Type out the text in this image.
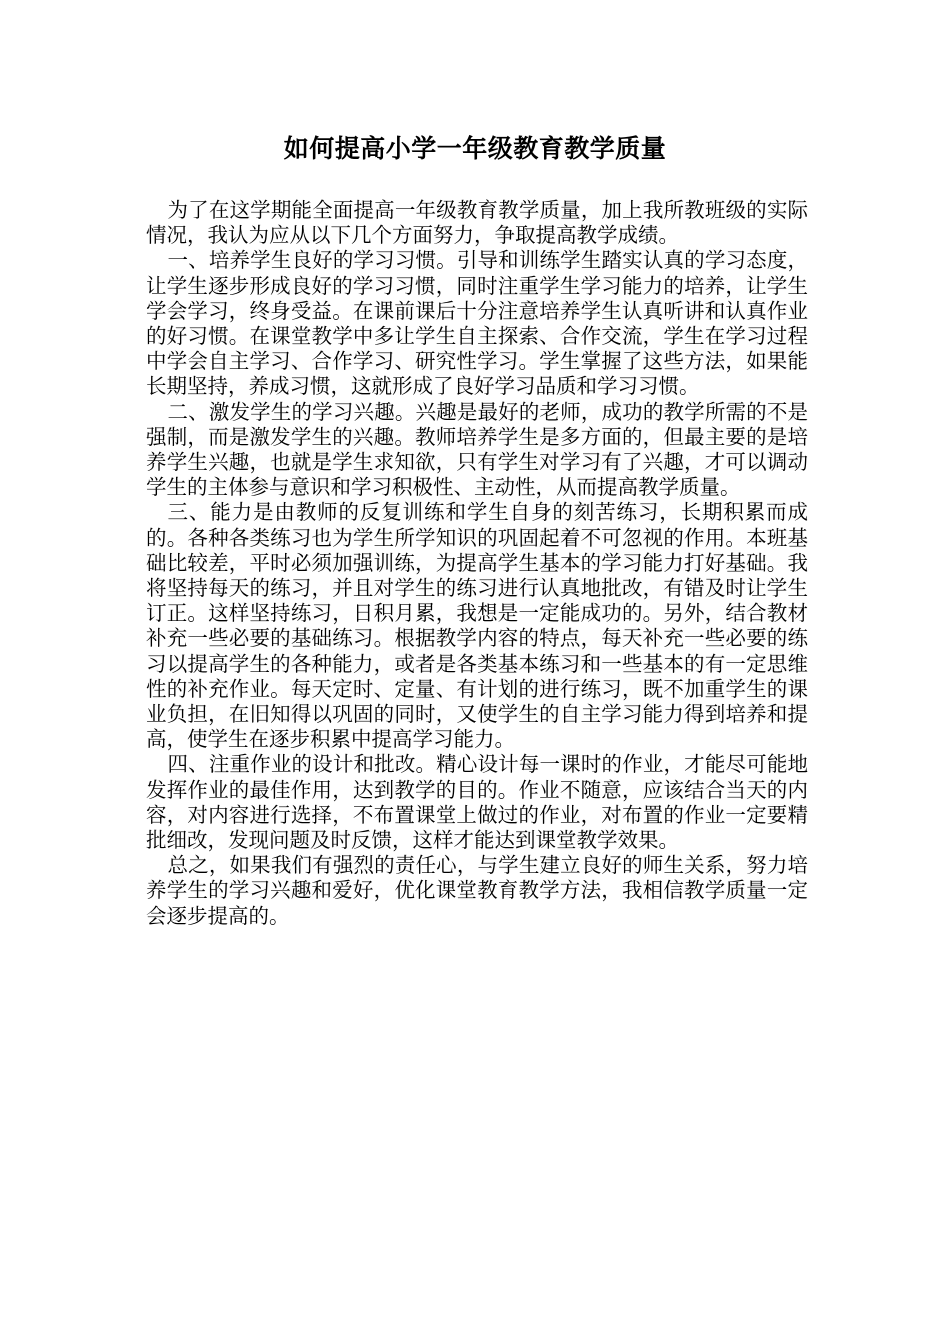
如何提高小学一年级教育教学质量

为了在这学期能全面提高一年级教育教学质量，加上我所教班级的实际情况，我认为应从以下几个方面努力，争取提高教学成绩。

一、培养学生良好的学习习惯。引导和训练学生踏实认真的学习态度，让学生逐步形成良好的学习习惯，同时注重学生学习能力的培养，让学生学会学习，终身受益。在课前课后十分注意培养学生认真听讲和认真作业的好习惯。在课堂教学中多让学生自主探索、合作交流，学生在学习过程中学会自主学习、合作学习、研究性学习。学生掌握了这些方法，如果能长期坚持，养成习惯，这就形成了良好学习品质和学习习惯。

二、激发学生的学习兴趣。兴趣是最好的老师，成功的教学所需的不是强制，而是激发学生的兴趣。教师培养学生是多方面的，但最主要的是培养学生兴趣，也就是学生求知欲，只有学生对学习有了兴趣，才可以调动学生的主体参与意识和学习积极性、主动性，从而提高教学质量。

三、能力是由教师的反复训练和学生自身的刻苦练习，长期积累而成的。各种各类练习也为学生所学知识的巩固起着不可忽视的作用。本班基础比较差，平时必须加强训练，为提高学生基本的学习能力打好基础。我将坚持每天的练习，并且对学生的练习进行认真地批改，有错及时让学生订正。这样坚持练习，日积月累，我想是一定能成功的。另外，结合教材补充一些必要的基础练习。根据教学内容的特点，每天补充一些必要的练习以提高学生的各种能力，或者是各类基本练习和一些基本的有一定思维性的补充作业。每天定时、定量、有计划的进行练习，既不加重学生的课业负担，在旧知得以巩固的同时，又使学生的自主学习能力得到培养和提高，使学生在逐步积累中提高学习能力。

四、注重作业的设计和批改。精心设计每一课时的作业，才能尽可能地发挥作业的最佳作用，达到教学的目的。作业不随意，应该结合当天的内容，对内容进行选择，不布置课堂上做过的作业，对布置的作业一定要精批细改，发现问题及时反馈，这样才能达到课堂教学效果。

总之，如果我们有强烈的责任心，与学生建立良好的师生关系，努力培养学生的学习兴趣和爱好，优化课堂教育教学方法，我相信教学质量一定会逐步提高的。
